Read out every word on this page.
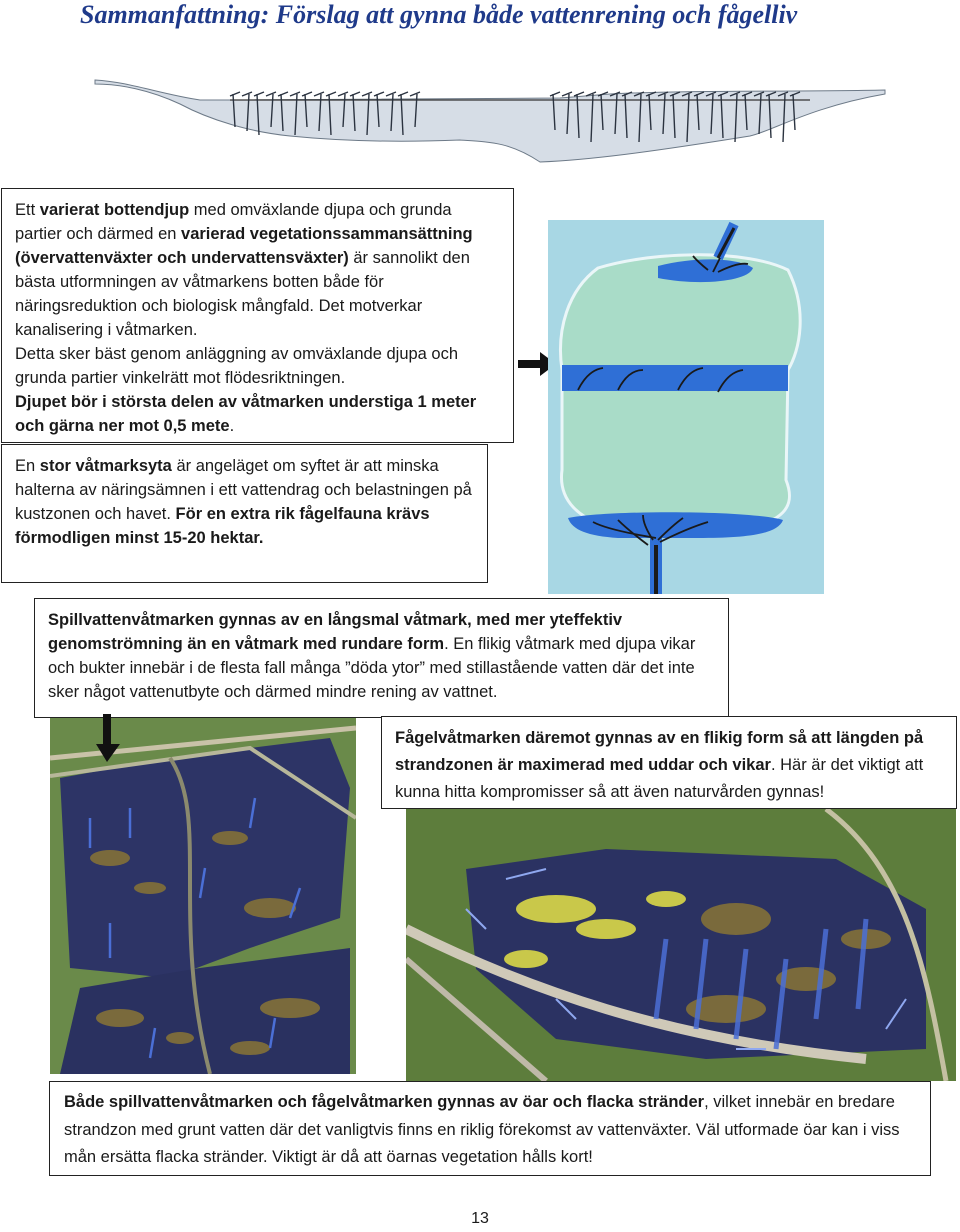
Sammanfattning: Förslag att gynna både vattenrening och fågelliv

Ett varierat bottendjup med omväxlande djupa och grunda partier och därmed en varierad vegetationssammansättning (övervattenväxter och undervattensväxter) är sannolikt den bästa utformningen av våtmarkens botten både för näringsreduktion och biologisk mångfald. Det motverkar kanalisering i våtmarken.

Detta sker bäst genom anläggning av omväxlande djupa och grunda partier vinkelrätt mot flödesriktningen.

Djupet bör i största delen av våtmarken understiga 1 meter och gärna ner mot 0,5 mete.

En stor våtmarksyta är angeläget om syftet är att minska halterna av näringsämnen i ett vattendrag och belastningen på kustzonen och havet. För en extra rik fågelfauna krävs förmodligen minst 15-20 hektar.

Spillvattenvåtmarken gynnas av en långsmal våtmark, med mer yteffektiv genomströmning än en våtmark med rundare form. En flikig våtmark med djupa vikar och bukter innebär i de flesta fall många ”döda ytor” med stillastående vatten där det inte sker något vattenutbyte och därmed mindre rening av vattnet.

Fågelvåtmarken däremot gynnas av en flikig form så att längden på strandzonen är maximerad med uddar och vikar. Här är det viktigt att kunna hitta kompromisser så att även naturvården gynnas!

Både spillvattenvåtmarken och fågelvåtmarken gynnas av öar och flacka stränder, vilket innebär en bredare strandzon med grunt vatten där det vanligtvis finns en riklig förekomst av vattenväxter. Väl utformade öar kan i viss mån ersätta flacka stränder. Viktigt är då att öarnas vegetation hålls kort!

13
